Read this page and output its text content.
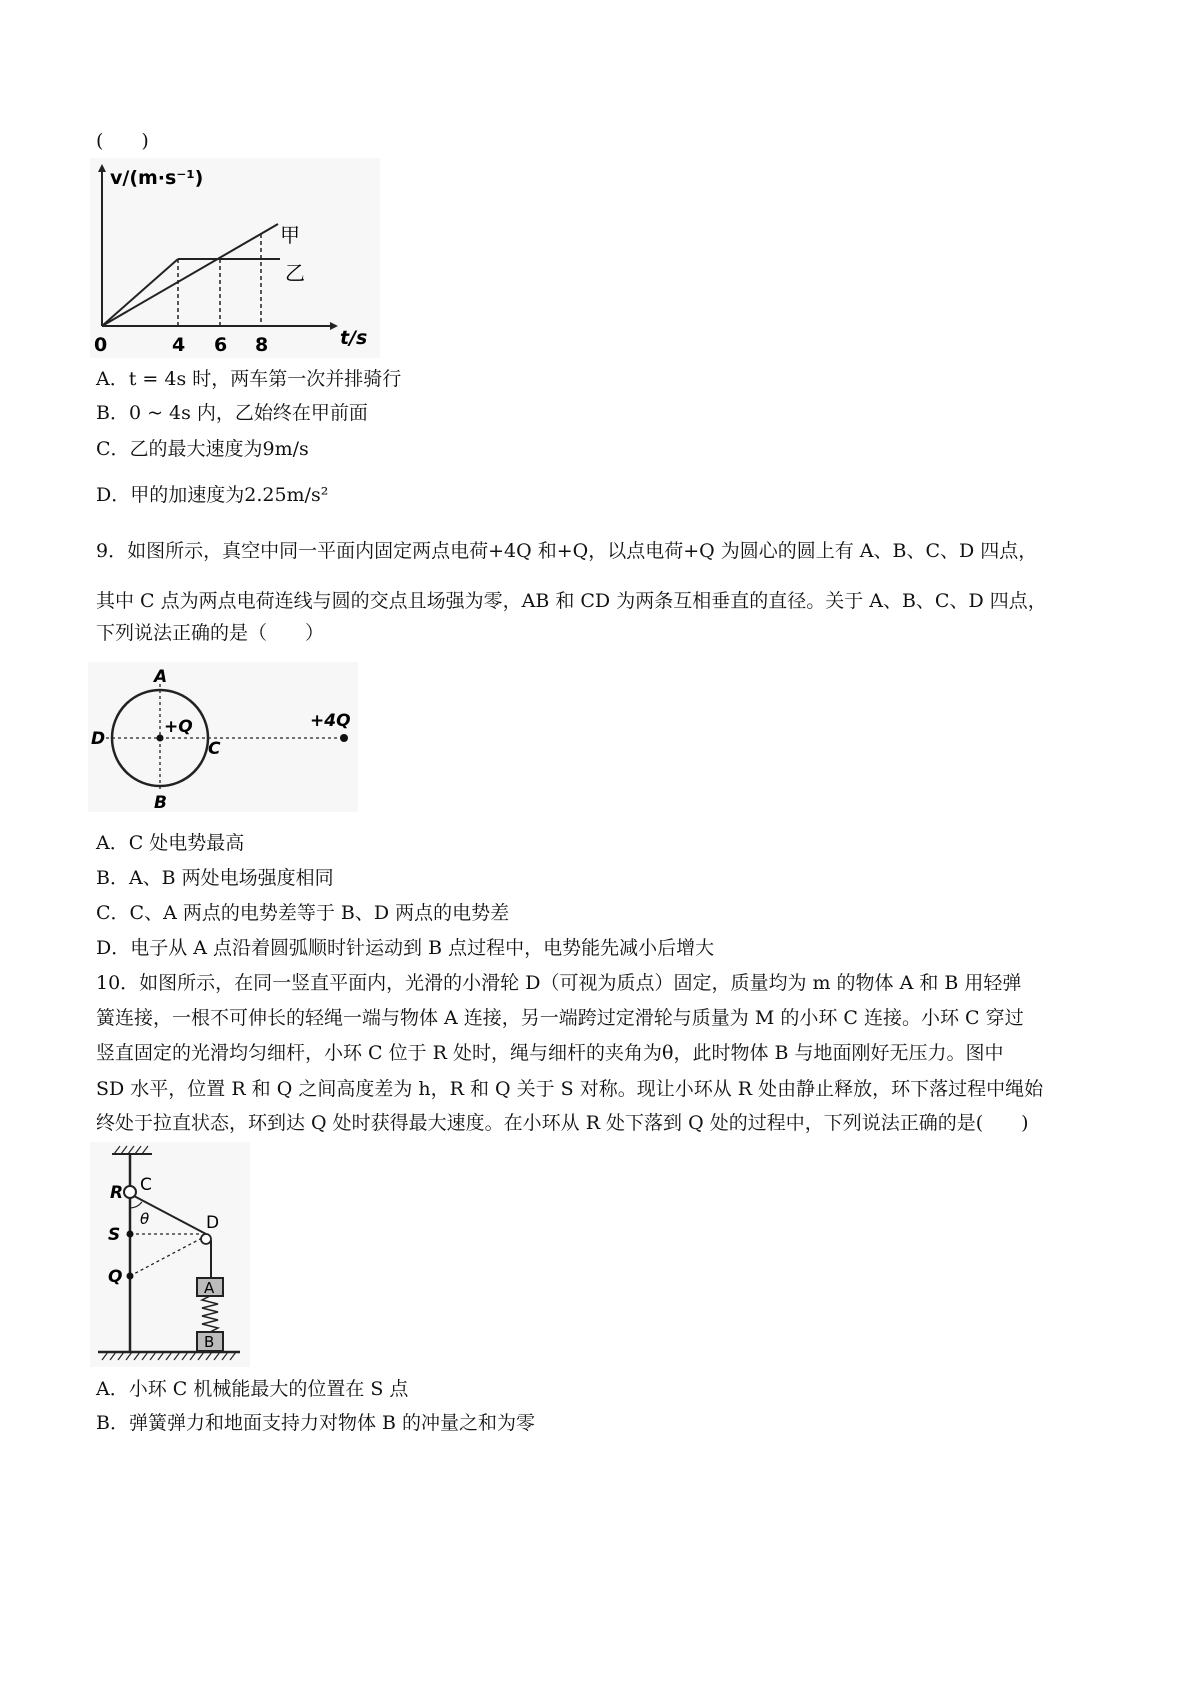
(　　)
v/(m·s⁻¹)
t/s
0	4 6 8
甲
乙
A．t = 4s 时，两车第一次并排骑行
B．0 ~ 4s 内，乙始终在甲前面
C．乙的最大速度为9m/s
D．甲的加速度为2.25m/s²
9．如图所示，真空中同一平面内固定两点电荷+4Q 和+Q，以点电荷+Q 为圆心的圆上有 A、B、C、D 四点，
其中 C 点为两点电荷连线与圆的交点且场强为零，AB 和 CD 为两条互相垂直的直径。关于 A、B、C、D 四点，
下列说法正确的是（　　）
A
B
C
D
+Q	+4Q
A．C 处电势最高
B．A、B 两处电场强度相同
C．C、A 两点的电势差等于 B、D 两点的电势差
D．电子从 A 点沿着圆弧顺时针运动到 B 点过程中，电势能先减小后增大
10．如图所示，在同一竖直平面内，光滑的小滑轮 D（可视为质点）固定，质量均为 m 的物体 A 和 B 用轻弹
簧连接，一根不可伸长的轻绳一端与物体 A 连接，另一端跨过定滑轮与质量为 M 的小环 C 连接。小环 C 穿过
竖直固定的光滑均匀细杆，小环 C 位于 R 处时，绳与细杆的夹角为θ，此时物体 B 与地面刚好无压力。图中
SD 水平，位置 R 和 Q 之间高度差为 h，R 和 Q 关于 S 对称。现让小环从 R 处由静止释放，环下落过程中绳始
终处于拉直状态，环到达 Q 处时获得最大速度。在小环从 R 处下落到 Q 处的过程中，下列说法正确的是(　　)
R C
θ	D
S
Q
A
B
A．小环 C 机械能最大的位置在 S 点
B．弹簧弹力和地面支持力对物体 B 的冲量之和为零
